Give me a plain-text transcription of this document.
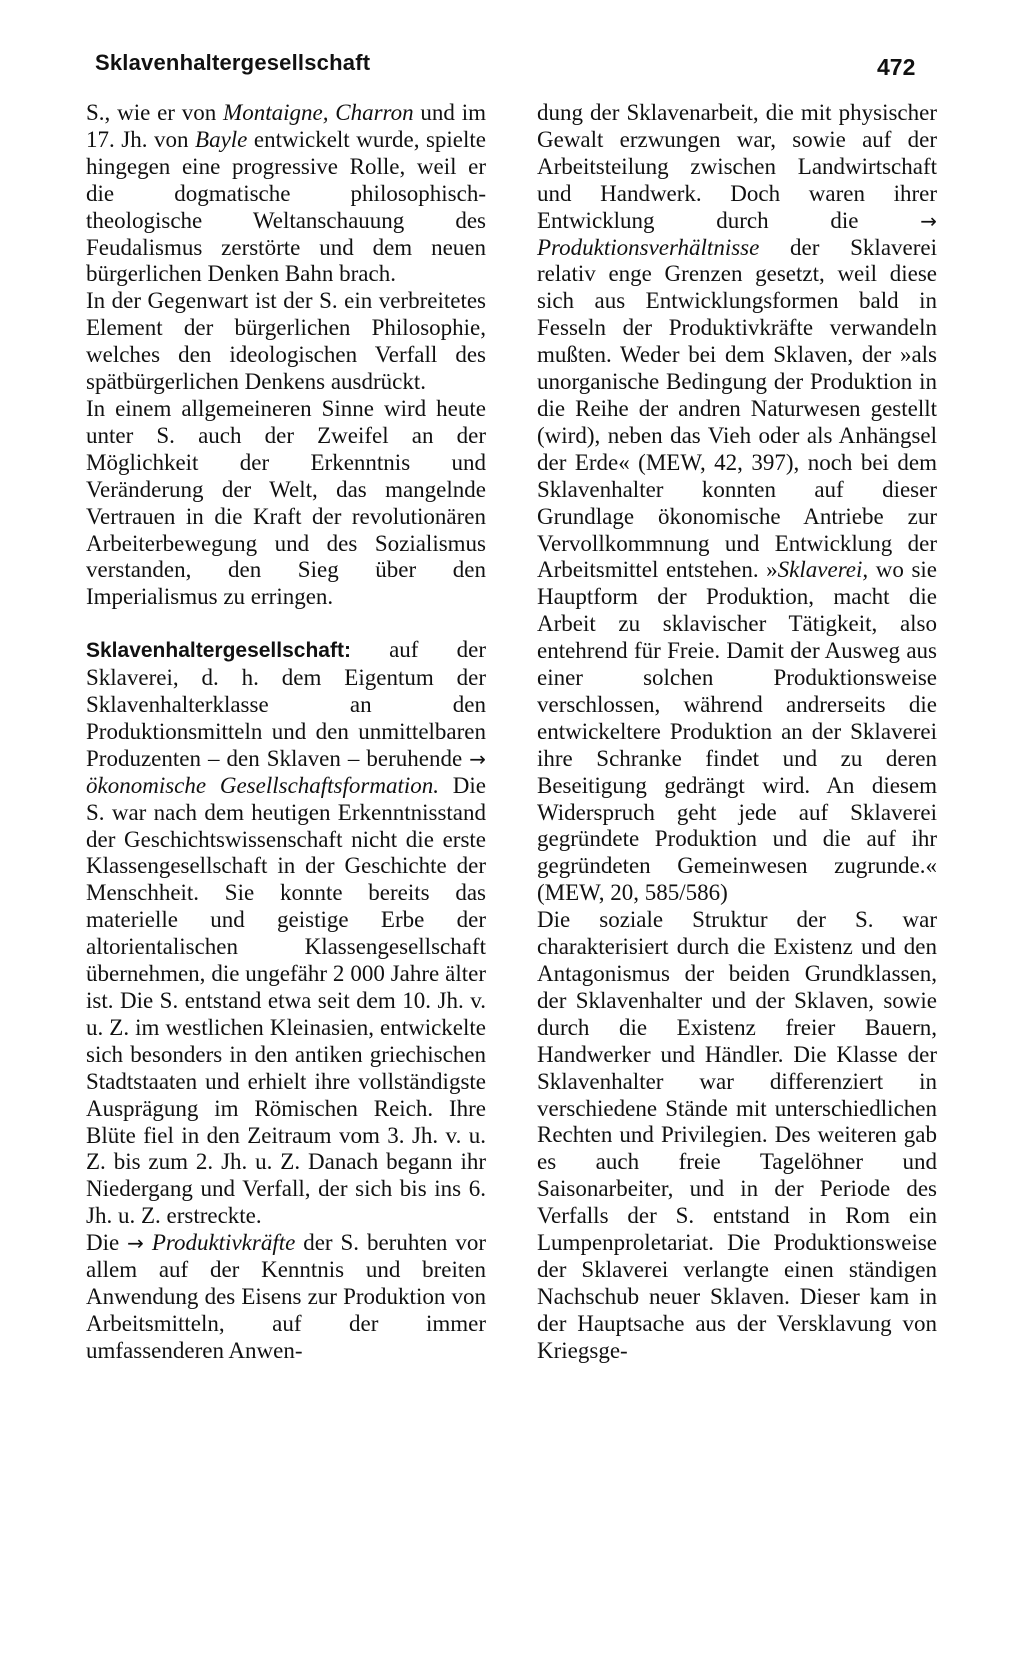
Sklavenhaltergesellschaft	472

S., wie er von Montaigne, Charron und im 17. Jh. von Bayle entwickelt wurde, spielte hingegen eine progressive Rolle, weil er die dogmatische philosophisch-theologische Weltanschauung des Feudalismus zerstörte und dem neuen bürgerlichen Denken Bahn brach.

In der Gegenwart ist der S. ein verbreitetes Element der bürgerlichen Philosophie, welches den ideologischen Verfall des spätbürgerlichen Denkens ausdrückt.

In einem allgemeineren Sinne wird heute unter S. auch der Zweifel an der Möglichkeit der Erkenntnis und Veränderung der Welt, das mangelnde Vertrauen in die Kraft der revolutionären Arbeiterbewegung und des Sozialismus verstanden, den Sieg über den Imperialismus zu erringen.

Sklavenhaltergesellschaft: auf der Sklaverei, d. h. dem Eigentum der Sklavenhalterklasse an den Produktionsmitteln und den unmittelbaren Produzenten – den Sklaven – beruhende → ökonomische Gesellschaftsformation. Die S. war nach dem heutigen Erkenntnisstand der Geschichtswissenschaft nicht die erste Klassengesellschaft in der Geschichte der Menschheit. Sie konnte bereits das materielle und geistige Erbe der altorientalischen Klassengesellschaft übernehmen, die ungefähr 2 000 Jahre älter ist. Die S. entstand etwa seit dem 10. Jh. v. u. Z. im westlichen Kleinasien, entwickelte sich besonders in den antiken griechischen Stadtstaaten und erhielt ihre vollständigste Ausprägung im Römischen Reich. Ihre Blüte fiel in den Zeitraum vom 3. Jh. v. u. Z. bis zum 2. Jh. u. Z. Danach begann ihr Niedergang und Verfall, der sich bis ins 6. Jh. u. Z. erstreckte.

Die → Produktivkräfte der S. beruhten vor allem auf der Kenntnis und breiten Anwendung des Eisens zur Produktion von Arbeitsmitteln, auf der immer umfassenderen Anwen-

dung der Sklavenarbeit, die mit physischer Gewalt erzwungen war, sowie auf der Arbeitsteilung zwischen Landwirtschaft und Handwerk. Doch waren ihrer Entwicklung durch die → Produktionsverhältnisse der Sklaverei relativ enge Grenzen gesetzt, weil diese sich aus Entwicklungsformen bald in Fesseln der Produktivkräfte verwandeln mußten. Weder bei dem Sklaven, der »als unorganische Bedingung der Produktion in die Reihe der andren Naturwesen gestellt (wird), neben das Vieh oder als Anhängsel der Erde« (MEW, 42, 397), noch bei dem Sklavenhalter konnten auf dieser Grundlage ökonomische Antriebe zur Vervollkommnung und Entwicklung der Arbeitsmittel entstehen. »Sklaverei, wo sie Hauptform der Produktion, macht die Arbeit zu sklavischer Tätigkeit, also entehrend für Freie. Damit der Ausweg aus einer solchen Produktionsweise verschlossen, während andrerseits die entwickeltere Produktion an der Sklaverei ihre Schranke findet und zu deren Beseitigung gedrängt wird. An diesem Widerspruch geht jede auf Sklaverei gegründete Produktion und die auf ihr gegründeten Gemeinwesen zugrunde.« (MEW, 20, 585/586)

Die soziale Struktur der S. war charakterisiert durch die Existenz und den Antagonismus der beiden Grundklassen, der Sklavenhalter und der Sklaven, sowie durch die Existenz freier Bauern, Handwerker und Händler. Die Klasse der Sklavenhalter war differenziert in verschiedene Stände mit unterschiedlichen Rechten und Privilegien. Des weiteren gab es auch freie Tagelöhner und Saisonarbeiter, und in der Periode des Verfalls der S. entstand in Rom ein Lumpenproletariat. Die Produktionsweise der Sklaverei verlangte einen ständigen Nachschub neuer Sklaven. Dieser kam in der Hauptsache aus der Versklavung von Kriegsge-
